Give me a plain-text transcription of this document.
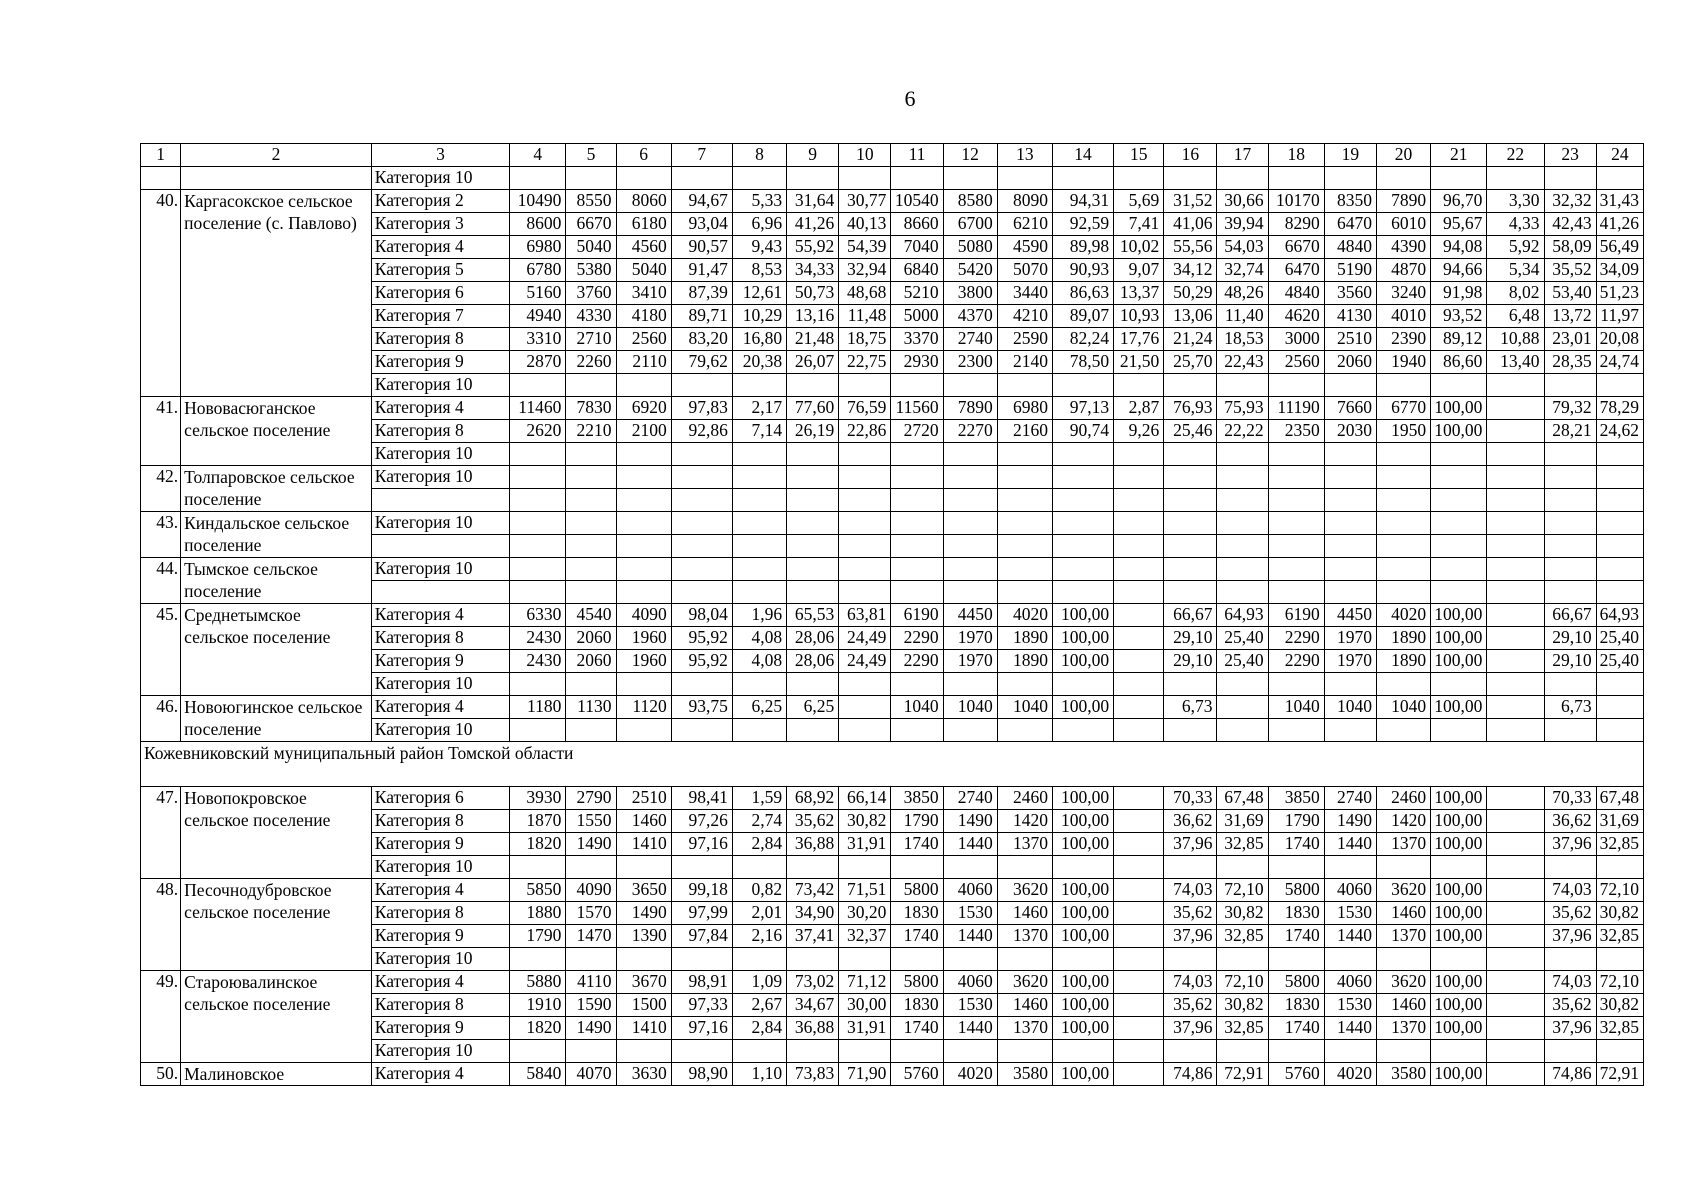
6
1	2	3	4	5	6	7	8	9	10	11	12	13	14	15	16	17	18	19	20	21	22	23	24
		Категория 10																					
40.	Каргасокское сельское поселение (с. Павлово)	Категория 2	10490	8550	8060	94,67	5,33	31,64	30,77	10540	8580	8090	94,31	5,69	31,52	30,66	10170	8350	7890	96,70	3,30	32,32	31,43
		Категория 3	8600	6670	6180	93,04	6,96	41,26	40,13	8660	6700	6210	92,59	7,41	41,06	39,94	8290	6470	6010	95,67	4,33	42,43	41,26
		Категория 4	6980	5040	4560	90,57	9,43	55,92	54,39	7040	5080	4590	89,98	10,02	55,56	54,03	6670	4840	4390	94,08	5,92	58,09	56,49
		Категория 5	6780	5380	5040	91,47	8,53	34,33	32,94	6840	5420	5070	90,93	9,07	34,12	32,74	6470	5190	4870	94,66	5,34	35,52	34,09
		Категория 6	5160	3760	3410	87,39	12,61	50,73	48,68	5210	3800	3440	86,63	13,37	50,29	48,26	4840	3560	3240	91,98	8,02	53,40	51,23
		Категория 7	4940	4330	4180	89,71	10,29	13,16	11,48	5000	4370	4210	89,07	10,93	13,06	11,40	4620	4130	4010	93,52	6,48	13,72	11,97
		Категория 8	3310	2710	2560	83,20	16,80	21,48	18,75	3370	2740	2590	82,24	17,76	21,24	18,53	3000	2510	2390	89,12	10,88	23,01	20,08
		Категория 9	2870	2260	2110	79,62	20,38	26,07	22,75	2930	2300	2140	78,50	21,50	25,70	22,43	2560	2060	1940	86,60	13,40	28,35	24,74
		Категория 10																					
41.	Нововасюганское сельское поселение	Категория 4	11460	7830	6920	97,83	2,17	77,60	76,59	11560	7890	6980	97,13	2,87	76,93	75,93	11190	7660	6770	100,00		79,32	78,29
		Категория 8	2620	2210	2100	92,86	7,14	26,19	22,86	2720	2270	2160	90,74	9,26	25,46	22,22	2350	2030	1950	100,00		28,21	24,62
		Категория 10																					
42.	Толпаровское сельское поселение	Категория 10																					

43.	Киндальское сельское поселение	Категория 10																					

44.	Тымское сельское поселение	Категория 10																					

45.	Среднетымское сельское поселение	Категория 4	6330	4540	4090	98,04	1,96	65,53	63,81	6190	4450	4020	100,00		66,67	64,93	6190	4450	4020	100,00		66,67	64,93
		Категория 8	2430	2060	1960	95,92	4,08	28,06	24,49	2290	1970	1890	100,00		29,10	25,40	2290	1970	1890	100,00		29,10	25,40
		Категория 9	2430	2060	1960	95,92	4,08	28,06	24,49	2290	1970	1890	100,00		29,10	25,40	2290	1970	1890	100,00		29,10	25,40
		Категория 10																					
46.	Новоюгинское сельское поселение	Категория 4	1180	1130	1120	93,75	6,25	6,25		1040	1040	1040	100,00		6,73		1040	1040	1040	100,00		6,73	
		Категория 10																					
Кожевниковский муниципальный район Томской области																							
47.	Новопокровское сельское поселение	Категория 6	3930	2790	2510	98,41	1,59	68,92	66,14	3850	2740	2460	100,00		70,33	67,48	3850	2740	2460	100,00		70,33	67,48
		Категория 8	1870	1550	1460	97,26	2,74	35,62	30,82	1790	1490	1420	100,00		36,62	31,69	1790	1490	1420	100,00		36,62	31,69
		Категория 9	1820	1490	1410	97,16	2,84	36,88	31,91	1740	1440	1370	100,00		37,96	32,85	1740	1440	1370	100,00		37,96	32,85
		Категория 10																					
48.	Песочнодубровское сельское поселение	Категория 4	5850	4090	3650	99,18	0,82	73,42	71,51	5800	4060	3620	100,00		74,03	72,10	5800	4060	3620	100,00		74,03	72,10
		Категория 8	1880	1570	1490	97,99	2,01	34,90	30,20	1830	1530	1460	100,00		35,62	30,82	1830	1530	1460	100,00		35,62	30,82
		Категория 9	1790	1470	1390	97,84	2,16	37,41	32,37	1740	1440	1370	100,00		37,96	32,85	1740	1440	1370	100,00		37,96	32,85
		Категория 10																					
49.	Староювалинское сельское поселение	Категория 4	5880	4110	3670	98,91	1,09	73,02	71,12	5800	4060	3620	100,00		74,03	72,10	5800	4060	3620	100,00		74,03	72,10
		Категория 8	1910	1590	1500	97,33	2,67	34,67	30,00	1830	1530	1460	100,00		35,62	30,82	1830	1530	1460	100,00		35,62	30,82
		Категория 9	1820	1490	1410	97,16	2,84	36,88	31,91	1740	1440	1370	100,00		37,96	32,85	1740	1440	1370	100,00		37,96	32,85
		Категория 10																					
50.	Малиновское	Категория 4	5840	4070	3630	98,90	1,10	73,83	71,90	5760	4020	3580	100,00		74,86	72,91	5760	4020	3580	100,00		74,86	72,91
